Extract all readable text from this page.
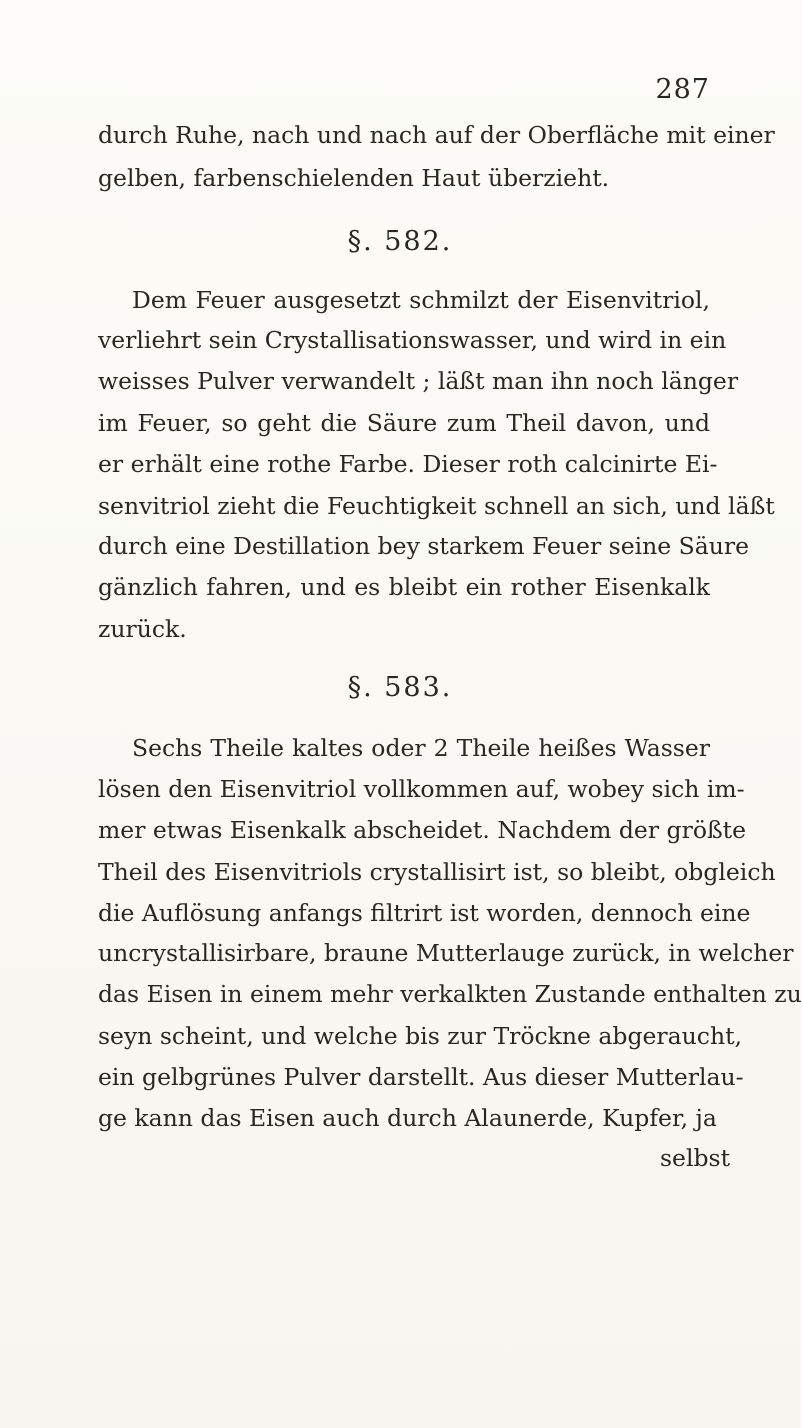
287
durch Ruhe, nach und nach auf der Oberfläche mit einer
gelben, farbenschielenden Haut überzieht.
§. 582.
Dem Feuer ausgesetzt schmilzt der Eisenvitriol,
verliehrt sein Crystallisationswasser, und wird in ein
weisses Pulver verwandelt ; läßt man ihn noch länger
im Feuer, so geht die Säure zum Theil davon, und
er erhält eine rothe Farbe. Dieser roth calcinirte Ei-
senvitriol zieht die Feuchtigkeit schnell an sich, und läßt
durch eine Destillation bey starkem Feuer seine Säure
gänzlich fahren, und es bleibt ein rother Eisenkalk
zurück.
§. 583.
Sechs Theile kaltes oder 2 Theile heißes Wasser
lösen den Eisenvitriol vollkommen auf, wobey sich im-
mer etwas Eisenkalk abscheidet. Nachdem der größte
Theil des Eisenvitriols crystallisirt ist, so bleibt, obgleich
die Auflösung anfangs filtrirt ist worden, dennoch eine
uncrystallisirbare, braune Mutterlauge zurück, in welcher
das Eisen in einem mehr verkalkten Zustande enthalten zu
seyn scheint, und welche bis zur Tröckne abgeraucht,
ein gelbgrünes Pulver darstellt. Aus dieser Mutterlau-
ge kann das Eisen auch durch Alaunerde, Kupfer, ja
selbst
